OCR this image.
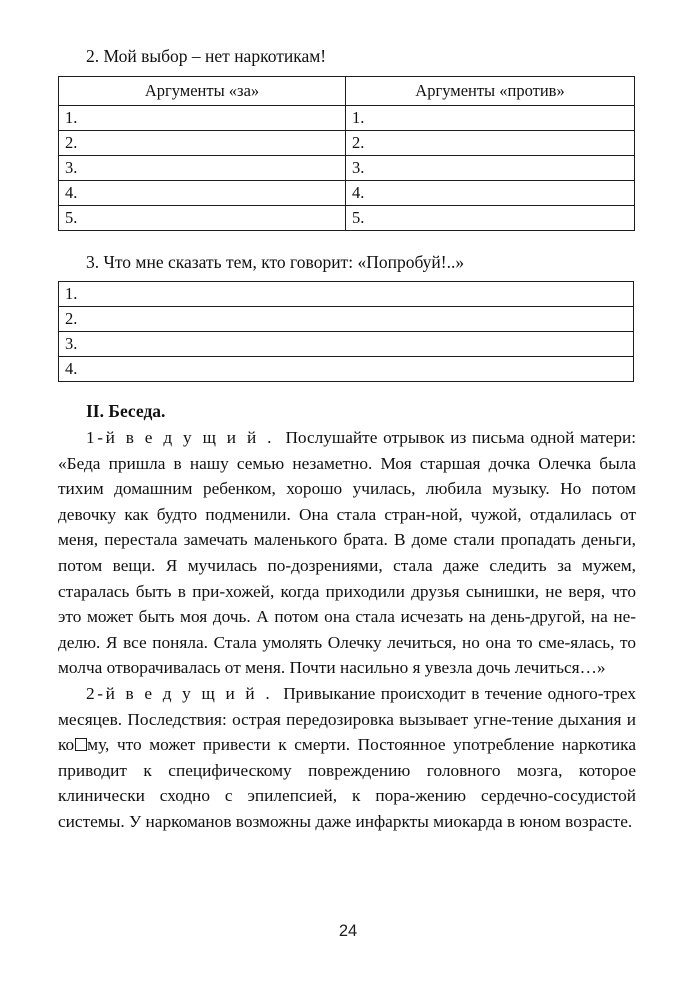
2. Мой выбор – нет наркотикам!
Аргументы «за»	Аргументы «против»
1.	1.
2.	2.
3.	3.
4.	4.
5.	5.
3. Что мне сказать тем, кто говорит: «Попробуй!..»
1.
2.
3.
4.
II. Беседа.

1-й в е д у щ и й . Послушайте отрывок из письма одной матери: «Беда пришла в нашу семью незаметно. Моя старшая дочка Олечка была тихим домашним ребенком, хорошо училась, любила музыку. Но потом девочку как будто подменили. Она стала стран-ной, чужой, отдалилась от меня, перестала замечать маленького брата. В доме стали пропадать деньги, потом вещи. Я мучилась по-дозрениями, стала даже следить за мужем, старалась быть в при-хожей, когда приходили друзья сынишки, не веря, что это может быть моя дочь. А потом она стала исчезать на день-другой, на не-делю. Я все поняла. Стала умолять Олечку лечиться, но она то сме-ялась, то молча отворачивалась от меня. Почти насильно я увезла дочь лечиться…»

2-й в е д у щ и й . Привыкание происходит в течение одного-трех месяцев. Последствия: острая передозировка вызывает угне-тение дыхания и ко му, что может привести к смерти. Постоянное употребление наркотика приводит к специфическому повреждению головного мозга, которое клинически сходно с эпилепсией, к пора-жению сердечно-сосудистой системы. У наркоманов возможны даже инфаркты миокарда в юном возрасте.

24
